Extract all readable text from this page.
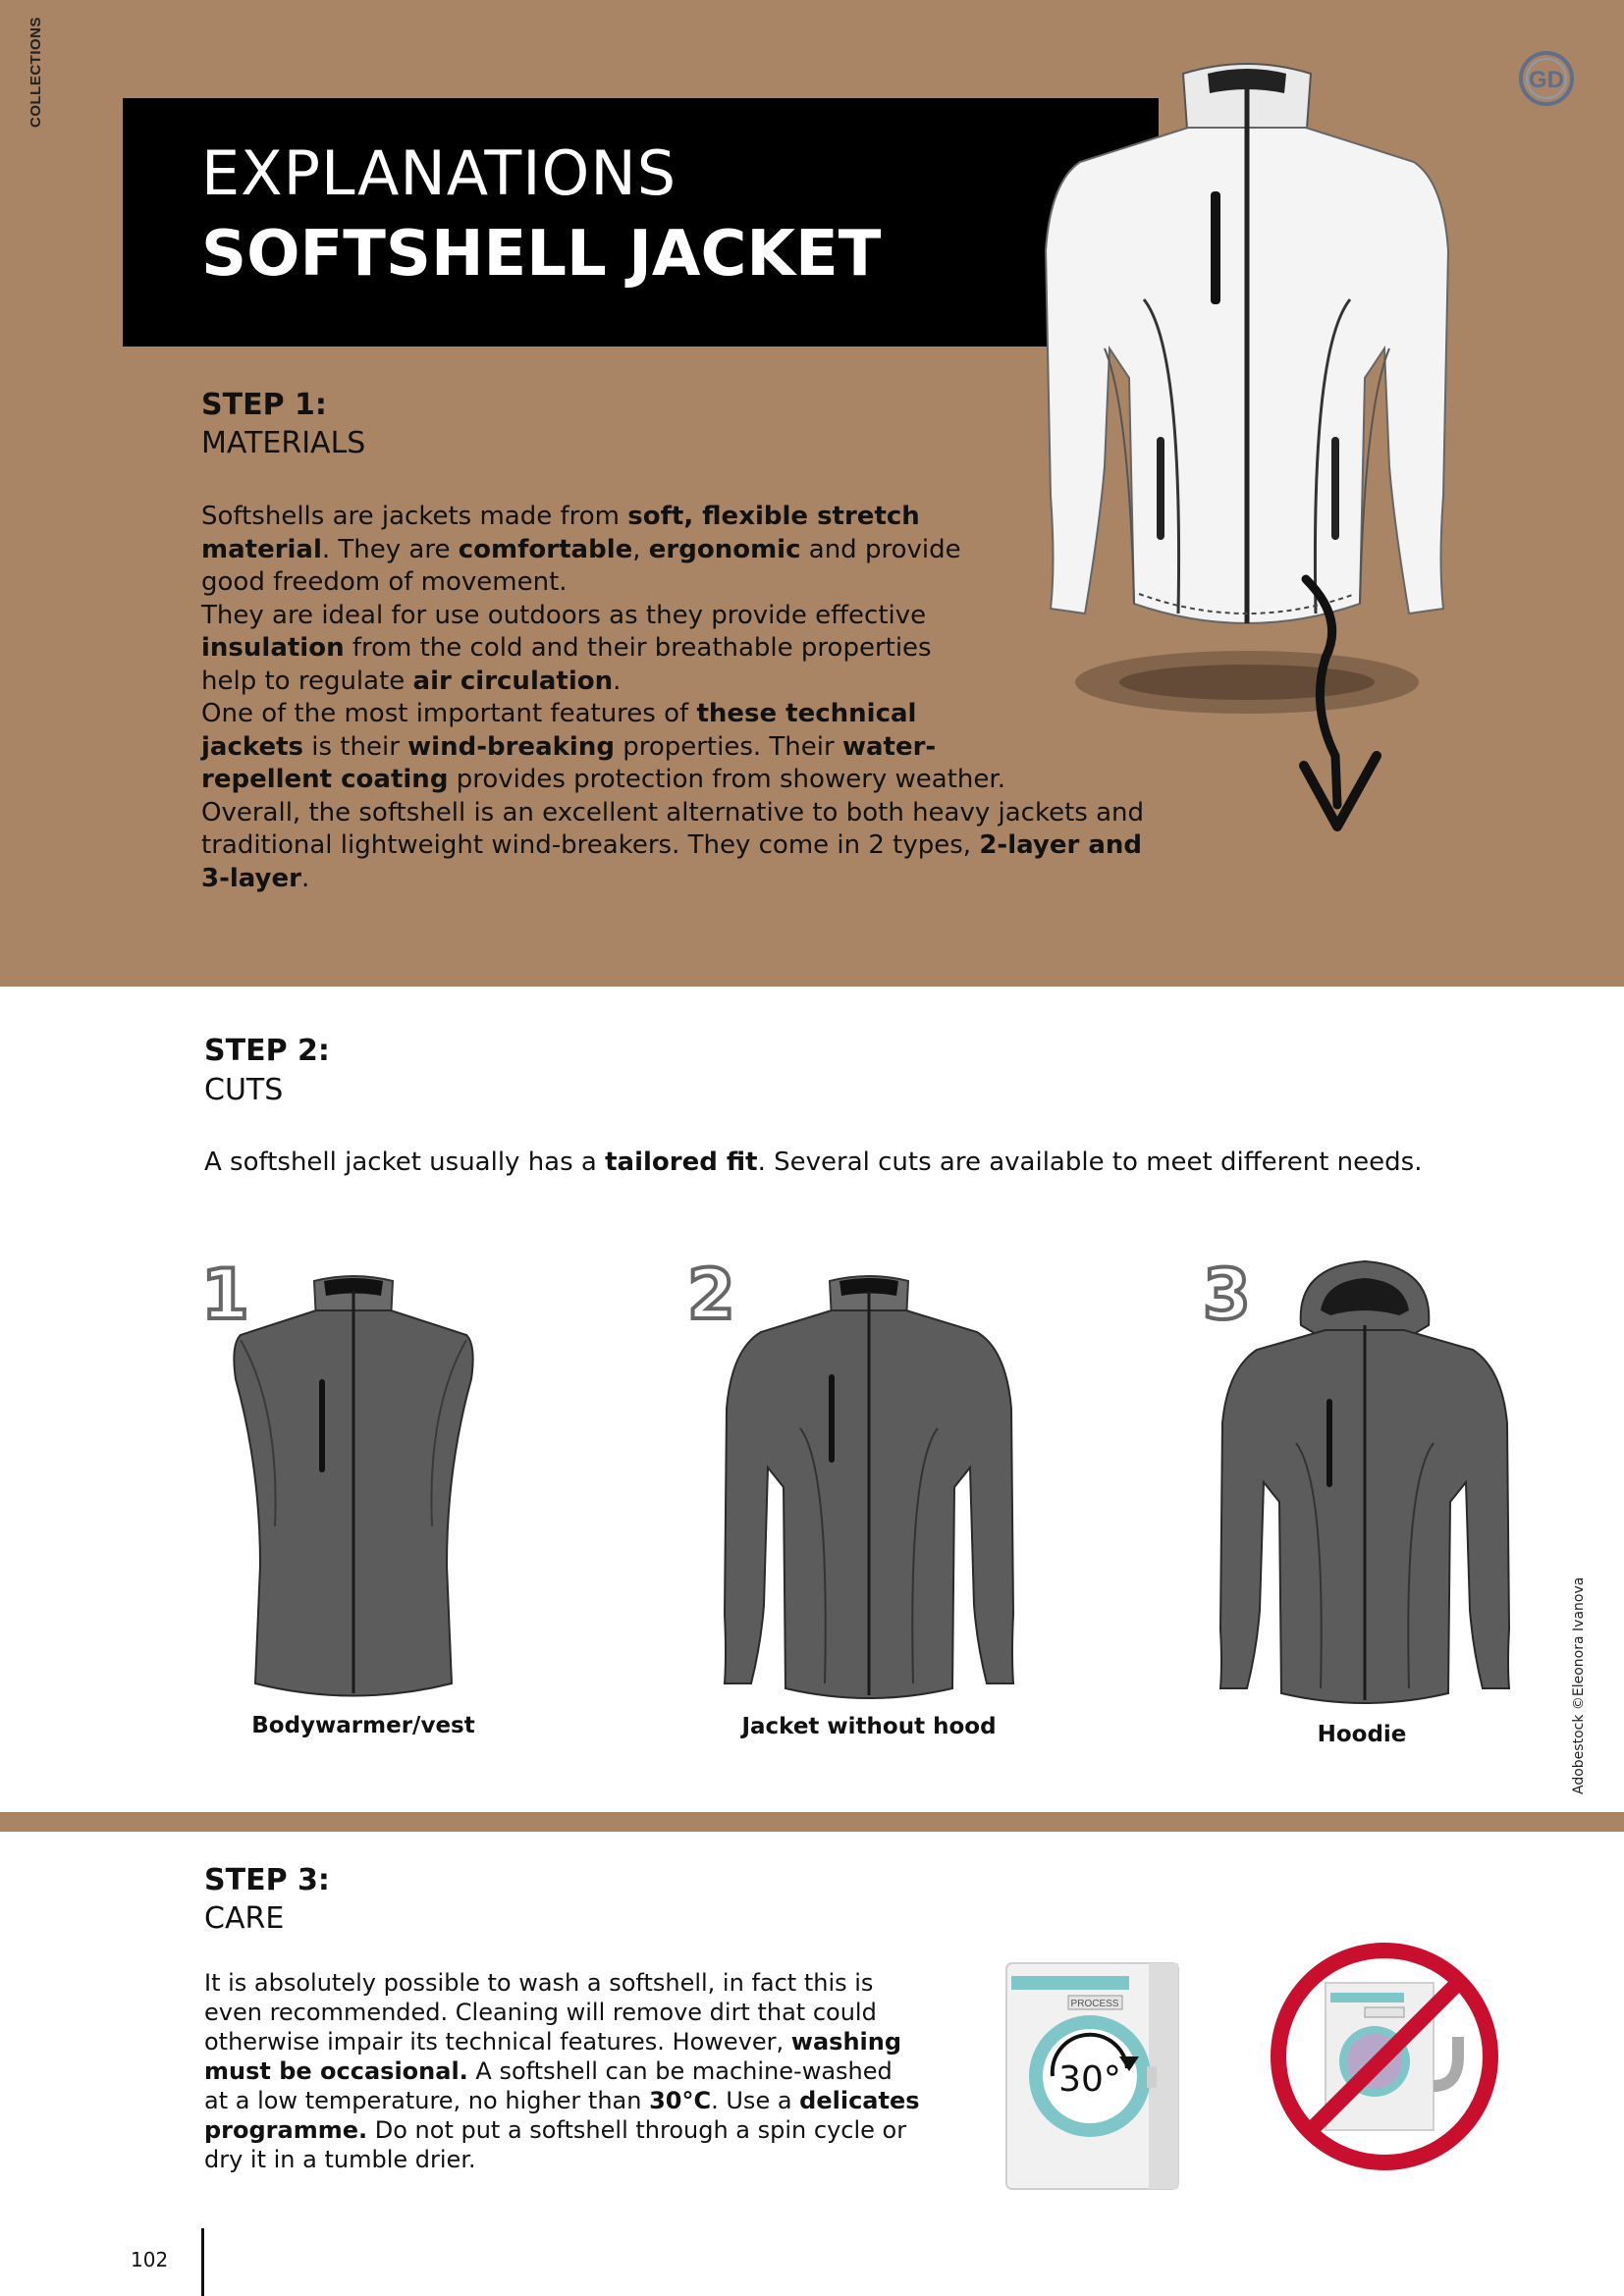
COLLECTIONS
EXPLANATIONS
SOFTSHELL JACKET
GD
STEP 1:
MATERIALS
Softshells are jackets made from soft, flexible stretch
material. They are comfortable, ergonomic and provide
good freedom of movement.
They are ideal for use outdoors as they provide effective
insulation from the cold and their breathable properties
help to regulate air circulation.
One of the most important features of these technical
jackets is their wind-breaking properties. Their water-
repellent coating provides protection from showery weather.
Overall, the softshell is an excellent alternative to both heavy jackets and
traditional lightweight wind-breakers. They come in 2 types, 2-layer and
3-layer.
STEP 2:
CUTS
A softshell jacket usually has a tailored fit. Several cuts are available to meet different needs.
1	2	3
Bodywarmer/vest	Jacket without hood	Hoodie	Adobestock ©Eleonora Ivanova
STEP 3:
CARE
It is absolutely possible to wash a softshell, in fact this is
even recommended. Cleaning will remove dirt that could
otherwise impair its technical features. However, washing
must be occasional. A softshell can be machine-washed
at a low temperature, no higher than 30°C. Use a delicates
programme. Do not put a softshell through a spin cycle or
dry it in a tumble drier.
PROCESS
30°
102
